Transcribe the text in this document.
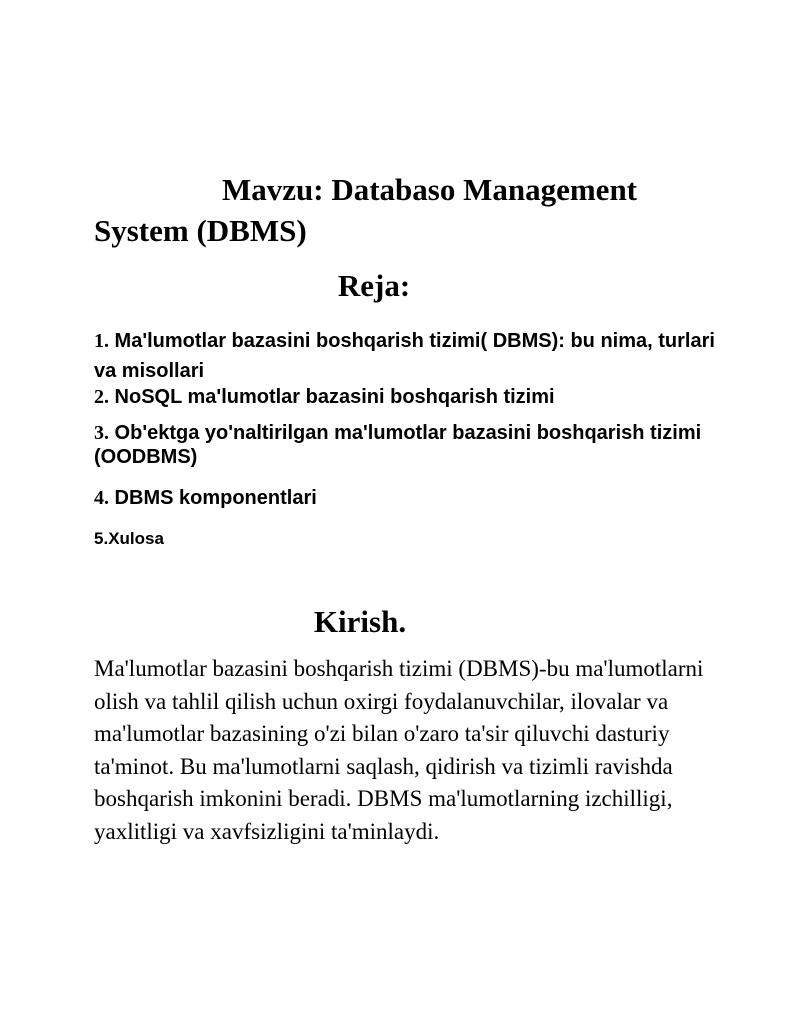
Mavzu: Databaso Management System (DBMS)
Reja:

1. Ma'lumotlar bazasini boshqarish tizimi( DBMS): bu nima, turlari va misollari

2. NoSQL ma'lumotlar bazasini boshqarish tizimi

3. Ob'ektga yo'naltirilgan ma'lumotlar bazasini boshqarish tizimi (OODBMS)

4. DBMS komponentlari

5.Xulosa

Kirish.

Ma'lumotlar bazasini boshqarish tizimi (DBMS)-bu ma'lumotlarni olish va tahlil qilish uchun oxirgi foydalanuvchilar, ilovalar va ma'lumotlar bazasining o'zi bilan o'zaro ta'sir qiluvchi dasturiy ta'minot. Bu ma'lumotlarni saqlash, qidirish va tizimli ravishda boshqarish imkonini beradi. DBMS ma'lumotlarning izchilligi, yaxlitligi va xavfsizligini ta'minlaydi.
